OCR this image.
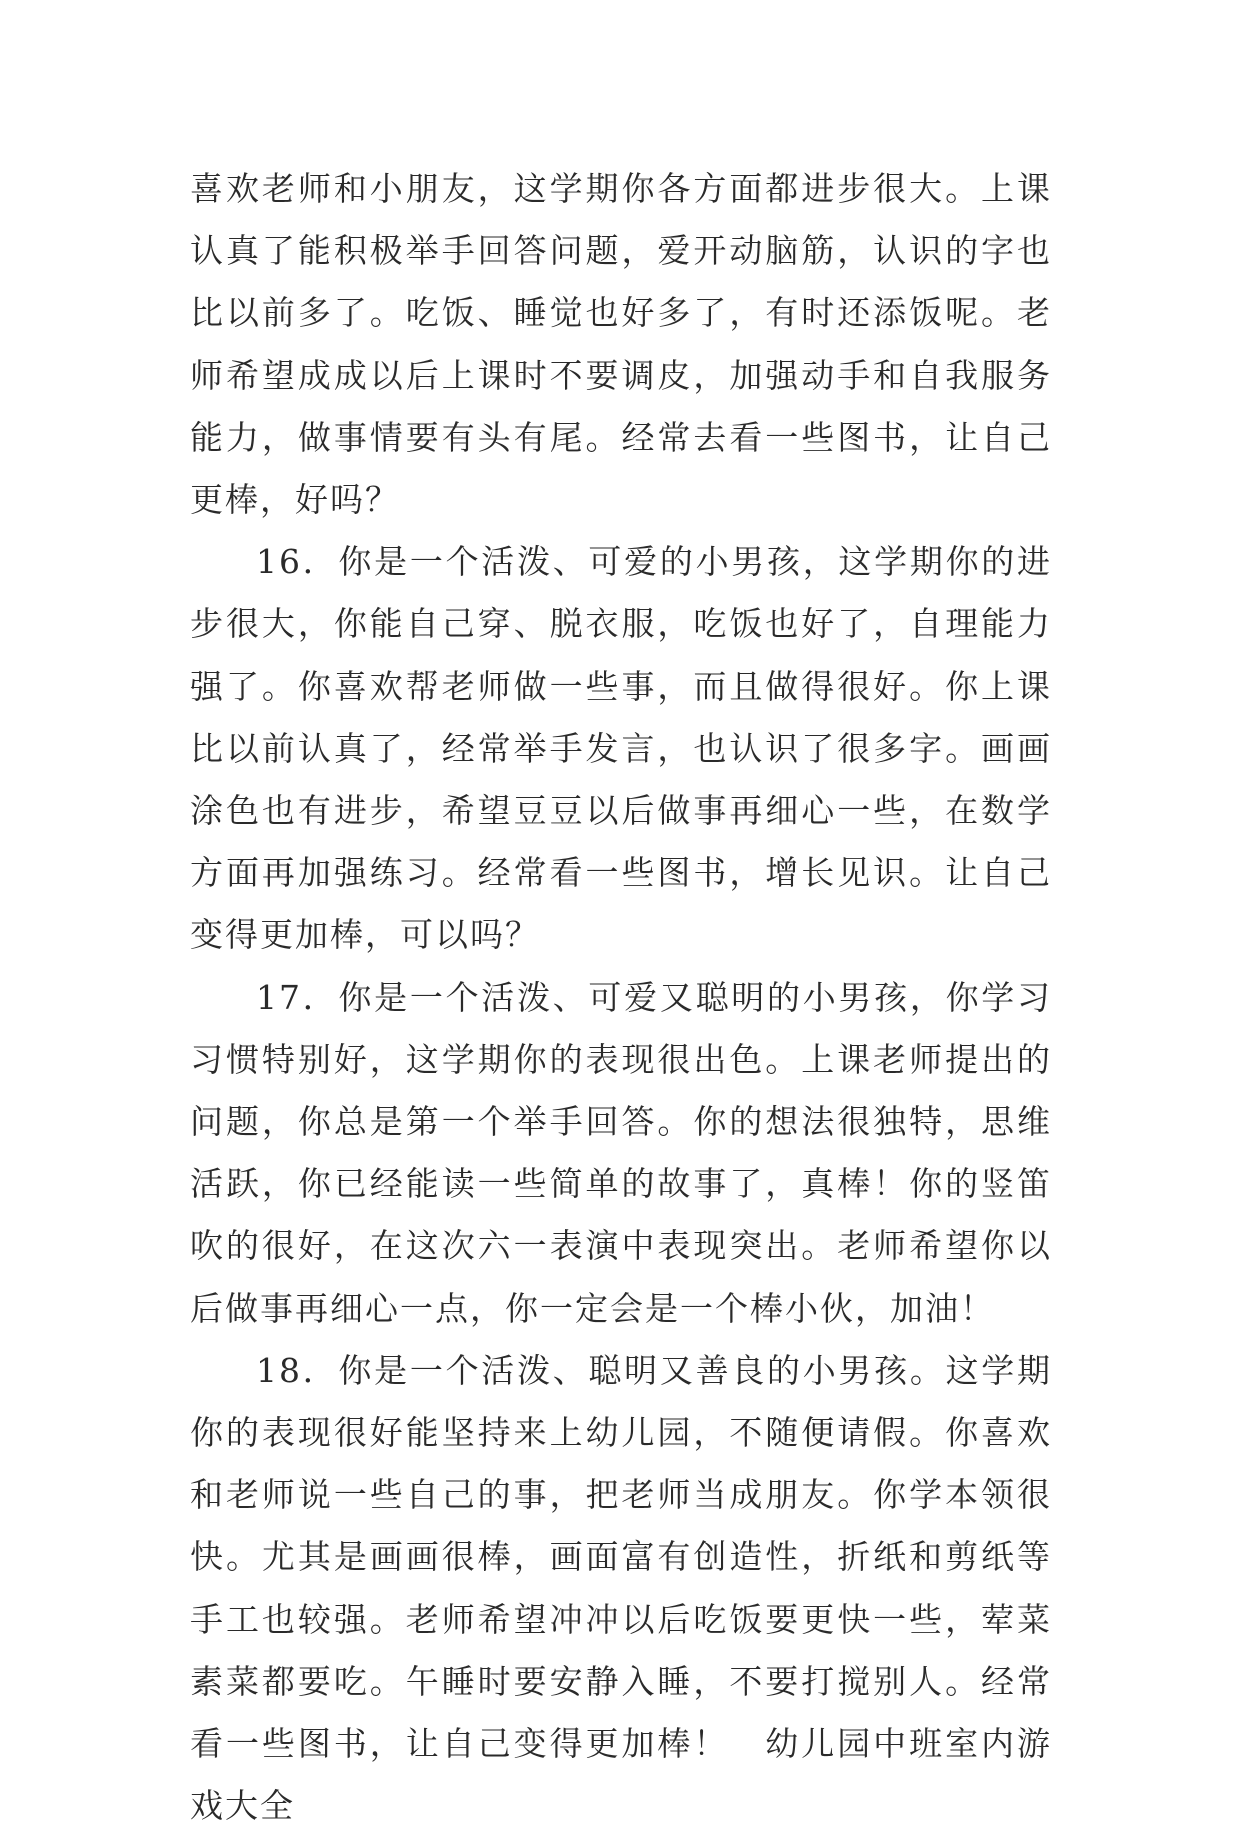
喜欢老师和小朋友，这学期你各方面都进步很大。上课认真了能积极举手回答问题，爱开动脑筋，认识的字也比以前多了。吃饭、睡觉也好多了，有时还添饭呢。老师希望成成以后上课时不要调皮，加强动手和自我服务能力，做事情要有头有尾。经常去看一些图书，让自己更棒，好吗？

16．你是一个活泼、可爱的小男孩，这学期你的进步很大，你能自己穿、脱衣服，吃饭也好了，自理能力强了。你喜欢帮老师做一些事，而且做得很好。你上课比以前认真了，经常举手发言，也认识了很多字。画画涂色也有进步，希望豆豆以后做事再细心一些，在数学方面再加强练习。经常看一些图书，增长见识。让自己变得更加棒，可以吗？

17．你是一个活泼、可爱又聪明的小男孩，你学习习惯特别好，这学期你的表现很出色。上课老师提出的问题，你总是第一个举手回答。你的想法很独特，思维活跃，你已经能读一些简单的故事了，真棒！你的竖笛吹的很好，在这次六一表演中表现突出。老师希望你以后做事再细心一点，你一定会是一个棒小伙，加油！

18．你是一个活泼、聪明又善良的小男孩。这学期你的表现很好能坚持来上幼儿园，不随便请假。你喜欢和老师说一些自己的事，把老师当成朋友。你学本领很快。尤其是画画很棒，画面富有创造性，折纸和剪纸等手工也较强。老师希望冲冲以后吃饭要更快一些，荤菜素菜都要吃。午睡时要安静入睡，不要打搅别人。经常看一些图书，让自己变得更加棒！　幼儿园中班室内游戏大全
